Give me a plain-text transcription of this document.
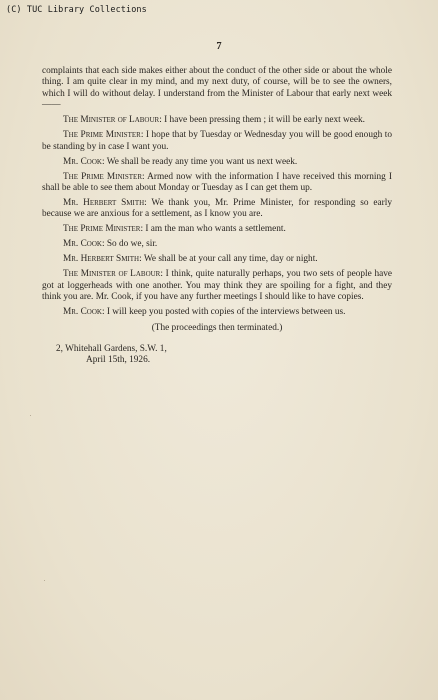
(C) TUC Library Collections
7

complaints that each side makes either about the conduct of the other side or about the whole thing. I am quite clear in my mind, and my next duty, of course, will be to see the owners, which I will do without delay. I understand from the Minister of Labour that early next week——

The Minister of Labour: I have been pressing them ; it will be early next week.

The Prime Minister: I hope that by Tuesday or Wednesday you will be good enough to be standing by in case I want you.

Mr. Cook: We shall be ready any time you want us next week.

The Prime Minister: Armed now with the information I have received this morning I shall be able to see them about Monday or Tuesday as I can get them up.

Mr. Herbert Smith: We thank you, Mr. Prime Minister, for responding so early because we are anxious for a settlement, as I know you are.

The Prime Minister: I am the man who wants a settlement.

Mr. Cook: So do we, sir.

Mr. Herbert Smith: We shall be at your call any time, day or night.

The Minister of Labour: I think, quite naturally perhaps, you two sets of people have got at loggerheads with one another. You may think they are spoiling for a fight, and they think you are. Mr. Cook, if you have any further meetings I should like to have copies.

Mr. Cook: I will keep you posted with copies of the interviews between us.

(The proceedings then terminated.)

2, Whitehall Gardens, S.W. 1,
April 15th, 1926.
